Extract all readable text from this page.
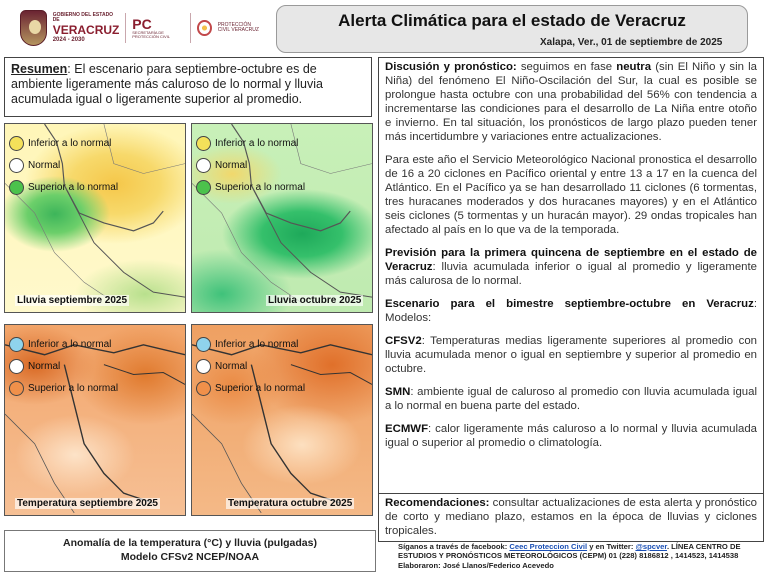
GOBIERNO DEL ESTADO DE
VERACRUZ
2024 - 2030
PC
SECRETARÍA DE PROTECCIÓN CIVIL
PROTECCIÓN CIVIL VERACRUZ	Alerta Climática para el estado de Veracruz
Xalapa, Ver., 01 de septiembre de 2025
Resumen: El escenario para septiembre-octubre es de ambiente ligeramente más caluroso de lo normal y lluvia acumulada igual o ligeramente superior al promedio.
Inferior a lo normal
Normal
Superior a lo normal
Lluvia septiembre 2025
Inferior a lo normal
Normal
Superior a lo normal
Lluvia octubre 2025
Inferior a lo normal
Normal
Superior a lo normal
Temperatura septiembre 2025
Inferior a lo normal
Normal
Superior a lo normal
Temperatura octubre 2025
Anomalía de la temperatura (°C) y lluvia (pulgadas)
Modelo CFSv2 NCEP/NOAA

Discusión y pronóstico: seguimos en fase neutra (sin El Niño y sin la Niña) del fenómeno El Niño-Oscilación del Sur, la cual es posible se prolongue hasta octubre con una probabilidad del 56% con tendencia a incrementarse las condiciones para el desarrollo de La Niña entre otoño e invierno. En tal situación, los pronósticos de largo plazo pueden tener más incertidumbre y variaciones entre actualizaciones.

Para este año el Servicio Meteorológico Nacional pronostica el desarrollo de 16 a 20 ciclones en Pacífico oriental y entre 13 a 17 en la cuenca del Atlántico. En el Pacífico ya se han desarrollado 11 ciclones (6 tormentas, tres huracanes moderados y dos huracanes mayores) y en el Atlántico seis ciclones (5 tormentas y un huracán mayor). 29 ondas tropicales han afectado al país en lo que va de la temporada.

Previsión para la primera quincena de septiembre en el estado de Veracruz: lluvia acumulada inferior o igual al promedio y ligeramente más calurosa de lo normal.

Escenario para el bimestre septiembre-octubre en Veracruz: Modelos:

CFSV2: Temperaturas medias ligeramente superiores al promedio con lluvia acumulada menor o igual en septiembre y superior al promedio en octubre.

SMN: ambiente igual de caluroso al promedio con lluvia acumulada igual a lo normal en buena parte del estado.

ECMWF: calor ligeramente más caluroso a lo normal y lluvia acumulada igual o superior al promedio o climatología.

Recomendaciones: consultar actualizaciones de esta alerta y pronóstico de corto y mediano plazo, estamos en la época de lluvias y ciclones tropicales.
Síganos a través de facebook: Ceec Proteccion Civil y en Twitter: @spcver. LÍNEA CENTRO DE ESTUDIOS Y PRONÓSTICOS METEOROLÓGICOS (CEPM) 01 (228) 8186812 , 1414523, 1414538 Elaboraron: José Llanos/Federico Acevedo
